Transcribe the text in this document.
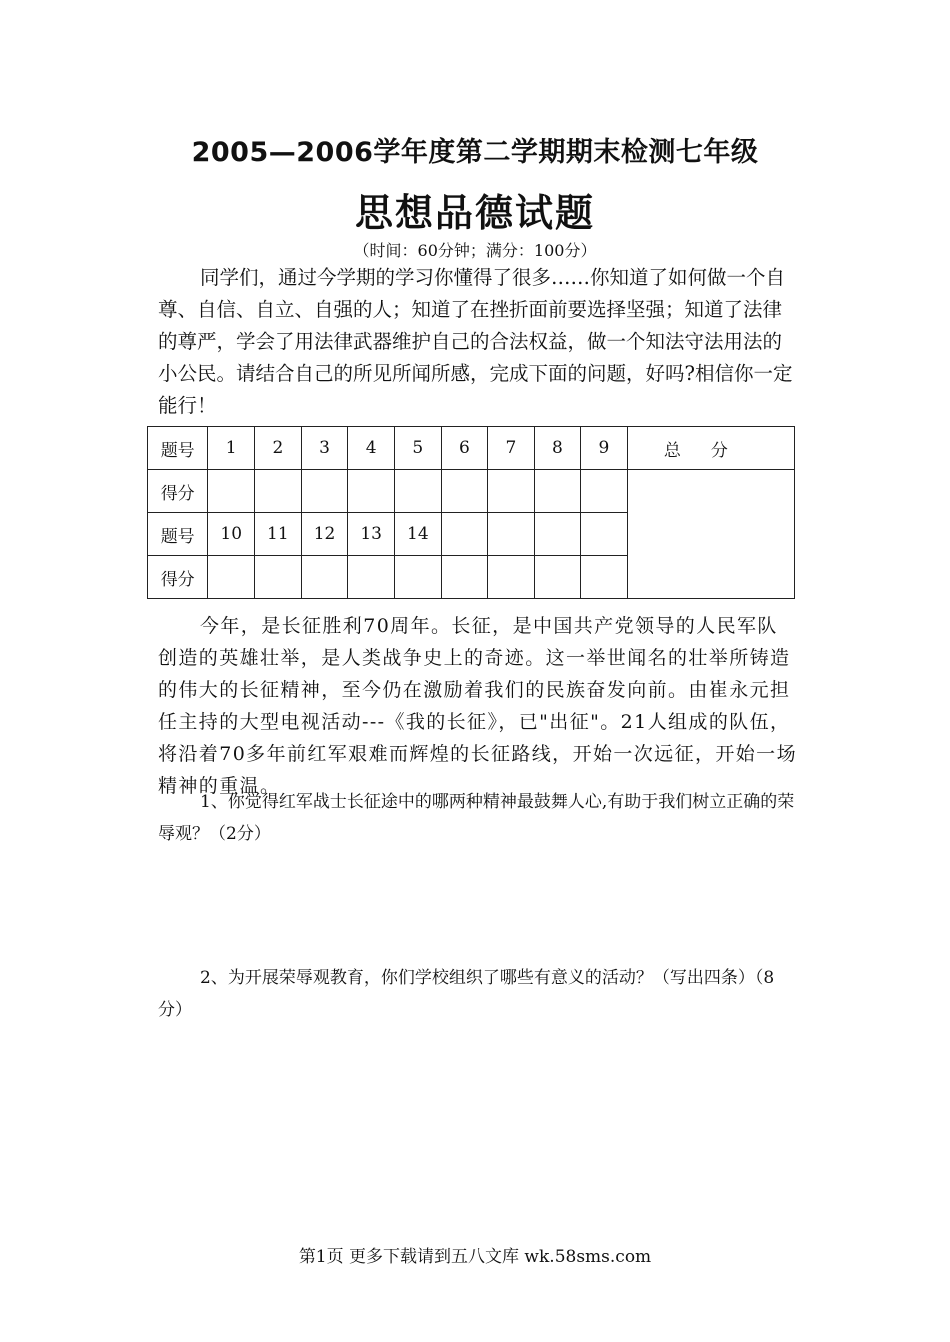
2005—2006学年度第二学期期末检测七年级
思想品德试题
（时间：60分钟；满分：100分）
同学们，通过今学期的学习你懂得了很多……你知道了如何做一个自尊、自信、自立、自强的人；知道了在挫折面前要选择坚强；知道了法律的尊严，学会了用法律武器维护自己的合法权益，做一个知法守法用法的小公民。请结合自己的所见所闻所感，完成下面的问题，好吗?相信你一定能行！
题号	1	2	3	4	5	6	7	8	9	总分
得分										
题号	10	11	12	13	14					
得分										
今年，是长征胜利70周年。长征，是中国共产党领导的人民军队创造的英雄壮举，是人类战争史上的奇迹。这一举世闻名的壮举所铸造的伟大的长征精神，至今仍在激励着我们的民族奋发向前。由崔永元担任主持的大型电视活动---《我的长征》，已"出征"。21人组成的队伍，将沿着70多年前红军艰难而辉煌的长征路线，开始一次远征，开始一场精神的重温。
1、你觉得红军战士长征途中的哪两种精神最鼓舞人心,有助于我们树立正确的荣辱观？（2分）
2、为开展荣辱观教育，你们学校组织了哪些有意义的活动？（写出四条）（8分）
第1页 更多下载请到五八文库 wk.58sms.com
